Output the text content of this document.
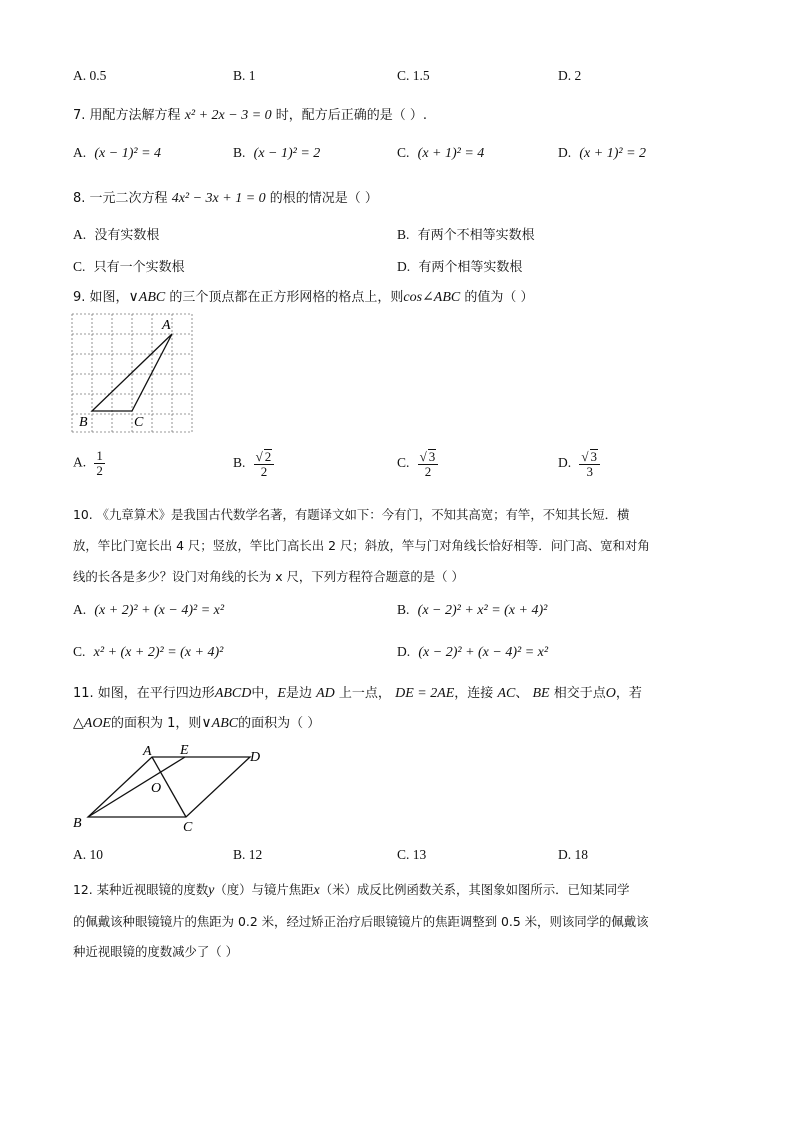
A. 0.5	B. 1	C. 1.5	D. 2
7. 用配方法解方程 x² + 2x − 3 = 0 时，配方后正确的是（ ）.
A. (x − 1)² = 4	B. (x − 1)² = 2	C. (x + 1)² = 4	D. (x + 1)² = 2
8. 一元二次方程 4x² − 3x + 1 = 0 的根的情况是（ ）
A. 没有实数根	B. 有两个不相等实数根
C. 只有一个实数根	D. 有两个相等实数根
9. 如图，∨ABC 的三个顶点都在正方形网格的格点上，则cos∠ABC 的值为（ ）
A
B	C
A. $\frac{1}{2}$	B. $\frac{√ 2}{2}$	C. $\frac{√ 3}{2}$	D. $\frac{√ 3}{3}$
10. 《九章算术》是我国古代数学名著，有题译文如下：今有门，不知其高宽；有竿，不知其长短．横
放，竿比门宽长出 4 尺；竖放，竿比门高长出 2 尺；斜放，竿与门对角线长恰好相等．问门高、宽和对角
线的长各是多少？设门对角线的长为 x 尺，下列方程符合题意的是（ ）
A. (x + 2)² + (x − 4)² = x²	B. (x − 2)² + x² = (x + 4)²
C. x² + (x + 2)² = (x + 4)²	D. (x − 2)² + (x − 4)² = x²
11. 如图，在平行四边形ABCD中，E是边 AD 上一点， DE = 2AE，连接 AC、 BE 相交于点O，若
△AOE的面积为 1，则∨ABC的面积为（ ）
A E	D
O
B	C
A. 10	B. 12	C. 13	D. 18
12. 某种近视眼镜的度数y（度）与镜片焦距x（米）成反比例函数关系，其图象如图所示．已知某同学
的佩戴该种眼镜镜片的焦距为 0.2 米，经过矫正治疗后眼镜镜片的焦距调整到 0.5 米，则该同学的佩戴该
种近视眼镜的度数减少了（ ）
